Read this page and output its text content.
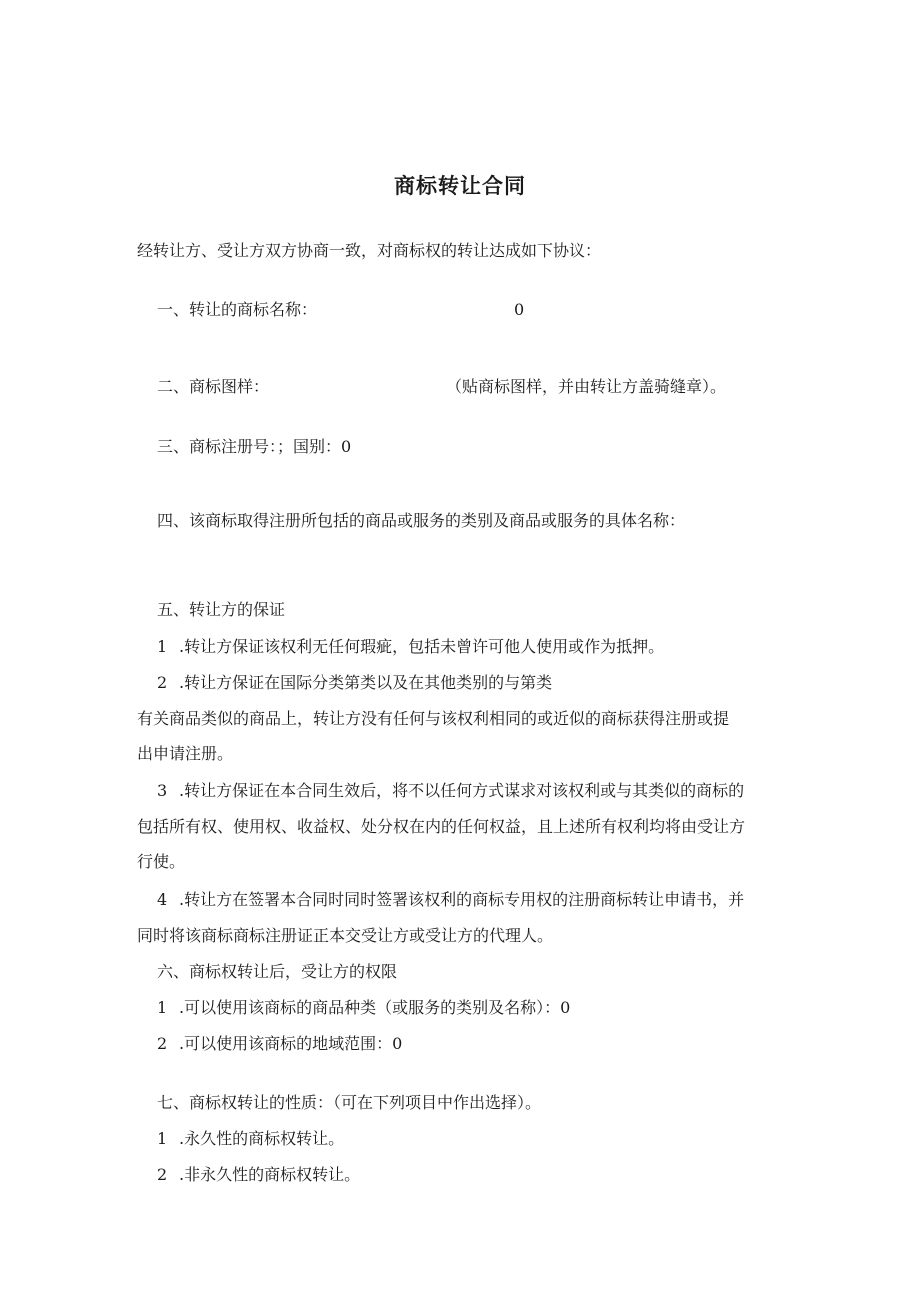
商标转让合同
经转让方、受让方双方协商一致，对商标权的转让达成如下协议：
一、转让的商标名称：	0
二、商标图样：	（贴商标图样，并由转让方盖骑缝章）。
三、商标注册号：；国别：0
四、该商标取得注册所包括的商品或服务的类别及商品或服务的具体名称：
五、转让方的保证
1 .转让方保证该权利无任何瑕疵，包括未曾许可他人使用或作为抵押。
2 .转让方保证在国际分类第类以及在其他类别的与第类
有关商品类似的商品上，转让方没有任何与该权利相同的或近似的商标获得注册或提
出申请注册。
3 .转让方保证在本合同生效后，将不以任何方式谋求对该权利或与其类似的商标的
包括所有权、使用权、收益权、处分权在内的任何权益，且上述所有权利均将由受让方
行使。
4 .转让方在签署本合同时同时签署该权利的商标专用权的注册商标转让申请书，并
同时将该商标商标注册证正本交受让方或受让方的代理人。
六、商标权转让后，受让方的权限
1 .可以使用该商标的商品种类（或服务的类别及名称）：0
2 .可以使用该商标的地域范围：0
七、商标权转让的性质：（可在下列项目中作出选择）。
1 .永久性的商标权转让。
2 .非永久性的商标权转让。
